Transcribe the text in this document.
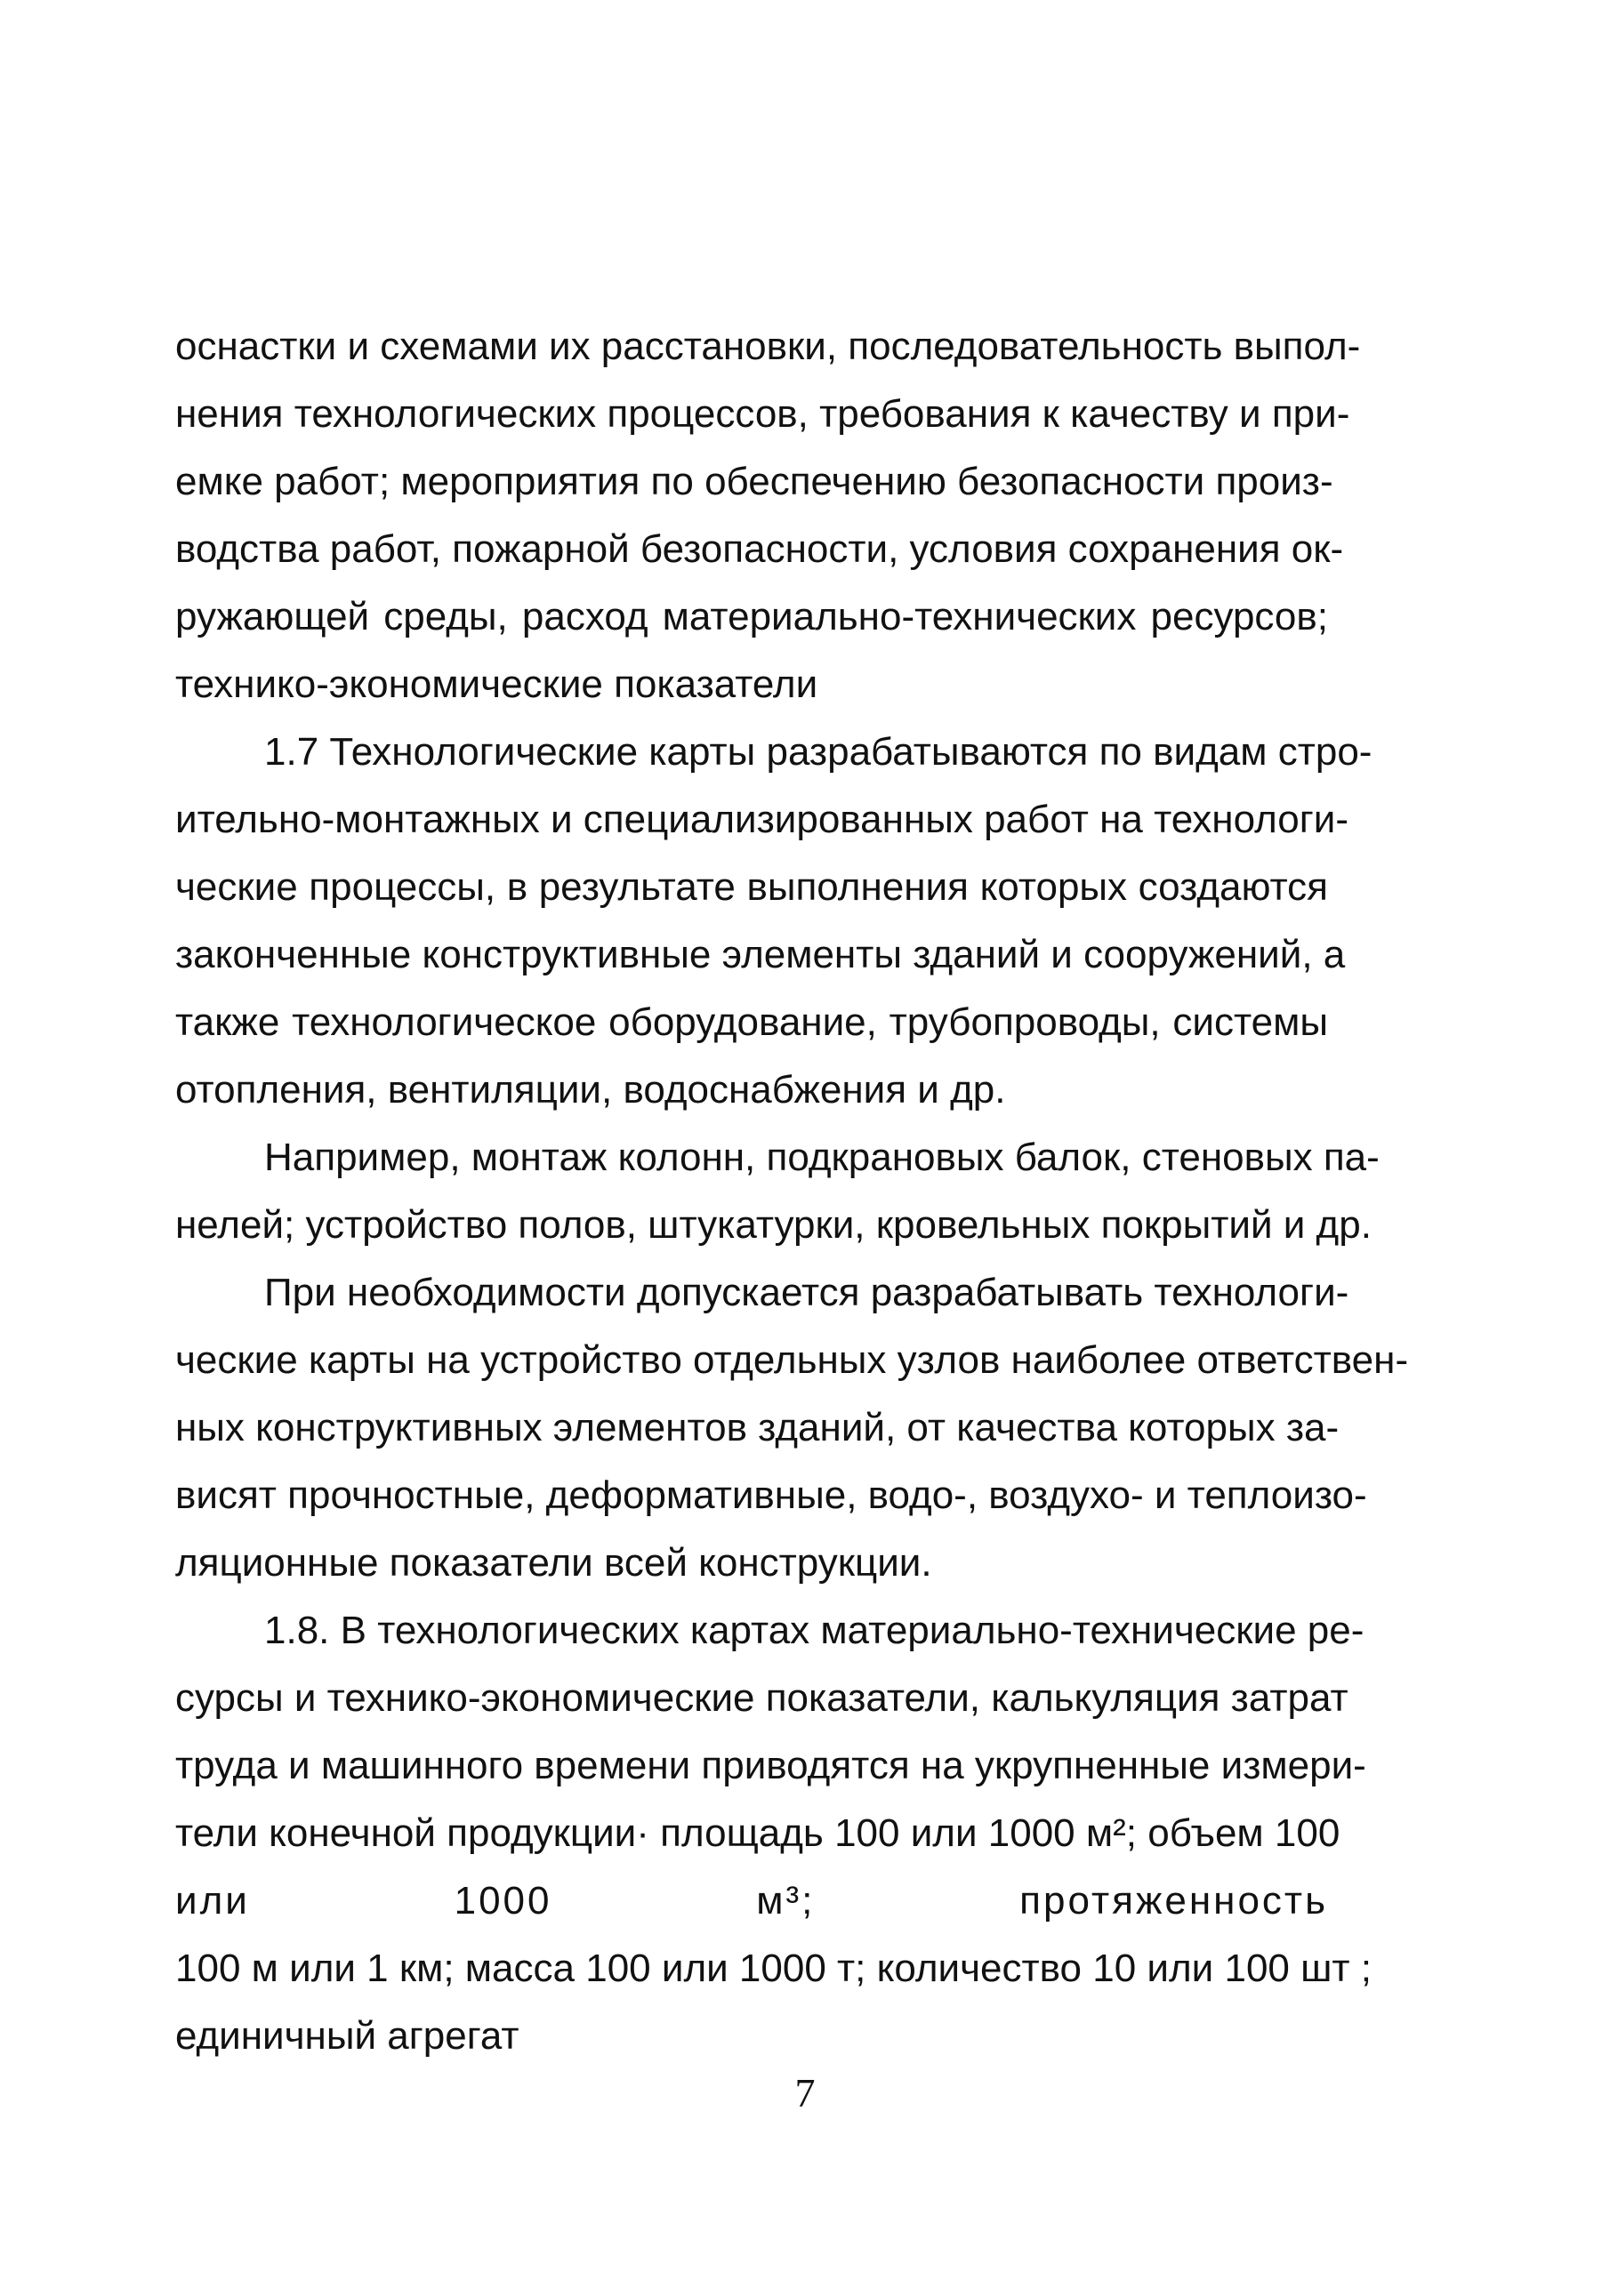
оснастки и схемами их расстановки, последовательность выпол-
нения технологических процессов, требования к качеству и при-
емке работ; мероприятия по обеспечению безопасности произ-
водства работ, пожарной безопасности, условия сохранения ок-
ружающей среды, расход материально-технических ресурсов;
технико-экономические показатели
1.7 Технологические карты разрабатываются по видам стро-
ительно-монтажных и специализированных работ на технологи-
ческие процессы, в результате выполнения которых создаются
законченные конструктивные элементы зданий и сооружений, а
также технологическое оборудование, трубопроводы, системы
отопления, вентиляции, водоснабжения и др.
Например, монтаж колонн, подкрановых балок, стеновых па-
нелей; устройство полов, штукатурки, кровельных покрытий и др.
При необходимости допускается разрабатывать технологи-
ческие карты на устройство отдельных узлов наиболее ответствен-
ных конструктивных элементов зданий, от качества которых за-
висят прочностные, деформативные, водо-, воздухо- и теплоизо-
ляционные показатели всей конструкции.
1.8. В технологических картах материально-технические ре-
сурсы и технико-экономические показатели, калькуляция затрат
труда и машинного времени приводятся на укрупненные измери-
тели конечной продукции· площадь 100 или 1000 м²; объем 100
или 1000 м³; протяженность
100 м или 1 км; масса 100 или 1000 т; количество 10 или 100 шт ;
единичный агрегат
7
